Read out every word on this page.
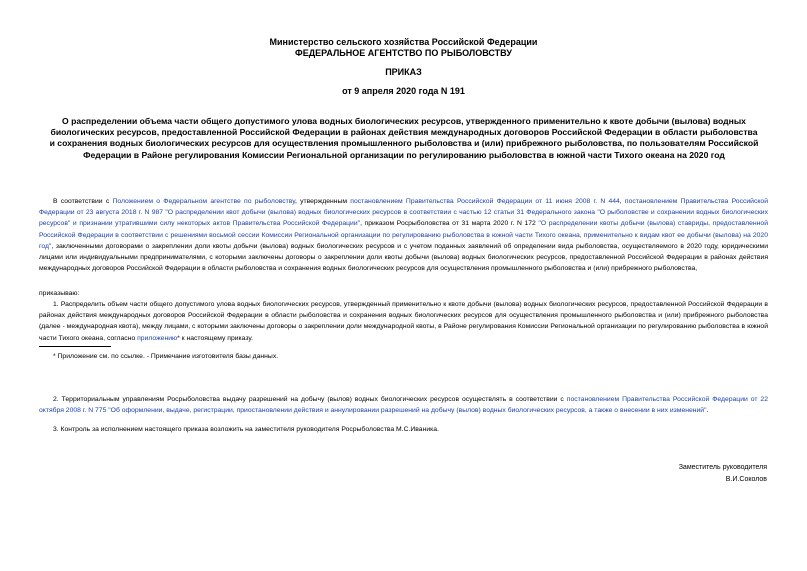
Министерство сельского хозяйства Российской Федерации
ФЕДЕРАЛЬНОЕ АГЕНТСТВО ПО РЫБОЛОВСТВУ
ПРИКАЗ
от 9 апреля 2020 года N 191
О распределении объема части общего допустимого улова водных биологических ресурсов, утвержденного применительно к квоте добычи (вылова) водных биологических ресурсов, предоставленной Российской Федерации в районах действия международных договоров Российской Федерации в области рыболовства и сохранения водных биологических ресурсов для осуществления промышленного рыболовства и (или) прибрежного рыболовства, по пользователям Российской Федерации в Районе регулирования Комиссии Региональной организации по регулированию рыболовства в южной части Тихого океана на 2020 год
В соответствии с Положением о Федеральном агентстве по рыболовству, утвержденным постановлением Правительства Российской Федерации от 11 июня 2008 г. N 444, постановлением Правительства Российской Федерации от 23 августа 2018 г. N 987 "О распределении квот добычи (вылова) водных биологических ресурсов в соответствии с частью 12 статьи 31 Федерального закона "О рыболовстве и сохранении водных биологических ресурсов" и признании утратившими силу некоторых актов Правительства Российской Федерации", приказом Росрыболовства от 31 марта 2020 г. N 172 "О распределении квоты добычи (вылова) ставриды, предоставленной Российской Федерации в соответствии с решениями восьмой сессии Комиссии Региональной организации по регулированию рыболовства в южной части Тихого океана, применительно к видам квот ее добычи (вылова) на 2020 год", заключенными договорами о закреплении доли квоты добычи (вылова) водных биологических ресурсов и с учетом поданных заявлений об определении вида рыболовства, осуществляемого в 2020 году, юридическими лицами или индивидуальными предпринимателями, с которыми заключены договоры о закреплении доли квоты добычи (вылова) водных биологических ресурсов, предоставленной Российской Федерации в районах действия международных договоров Российской Федерации в области рыболовства и сохранения водных биологических ресурсов для осуществления промышленного рыболовства и (или) прибрежного рыболовства,
приказываю:
1. Распределить объем части общего допустимого улова водных биологических ресурсов, утвержденный применительно к квоте добычи (вылова) водных биологических ресурсов, предоставленной Российской Федерации в районах действия международных договоров Российской Федерации в области рыболовства и сохранения водных биологических ресурсов для осуществления промышленного рыболовства и (или) прибрежного рыболовства (далее - международная квота), между лицами, с которыми заключены договоры о закреплении доли международной квоты, в Районе регулирования Комиссии Региональной организации по регулированию рыболовства в южной части Тихого океана, согласно приложению* к настоящему приказу.
* Приложение см. по ссылке. - Примечание изготовителя базы данных.
2. Территориальным управлениям Росрыболовства выдачу разрешений на добычу (вылов) водных биологических ресурсов осуществлять в соответствии с постановлением Правительства Российской Федерации от 22 октября 2008 г. N 775 "Об оформлении, выдаче, регистрации, приостановлении действия и аннулировании разрешений на добычу (вылов) водных биологических ресурсов, а также о внесении в них изменений".
3. Контроль за исполнением настоящего приказа возложить на заместителя руководителя Росрыболовства М.С.Иваника.
Заместитель руководителя
В.И.Соколов
